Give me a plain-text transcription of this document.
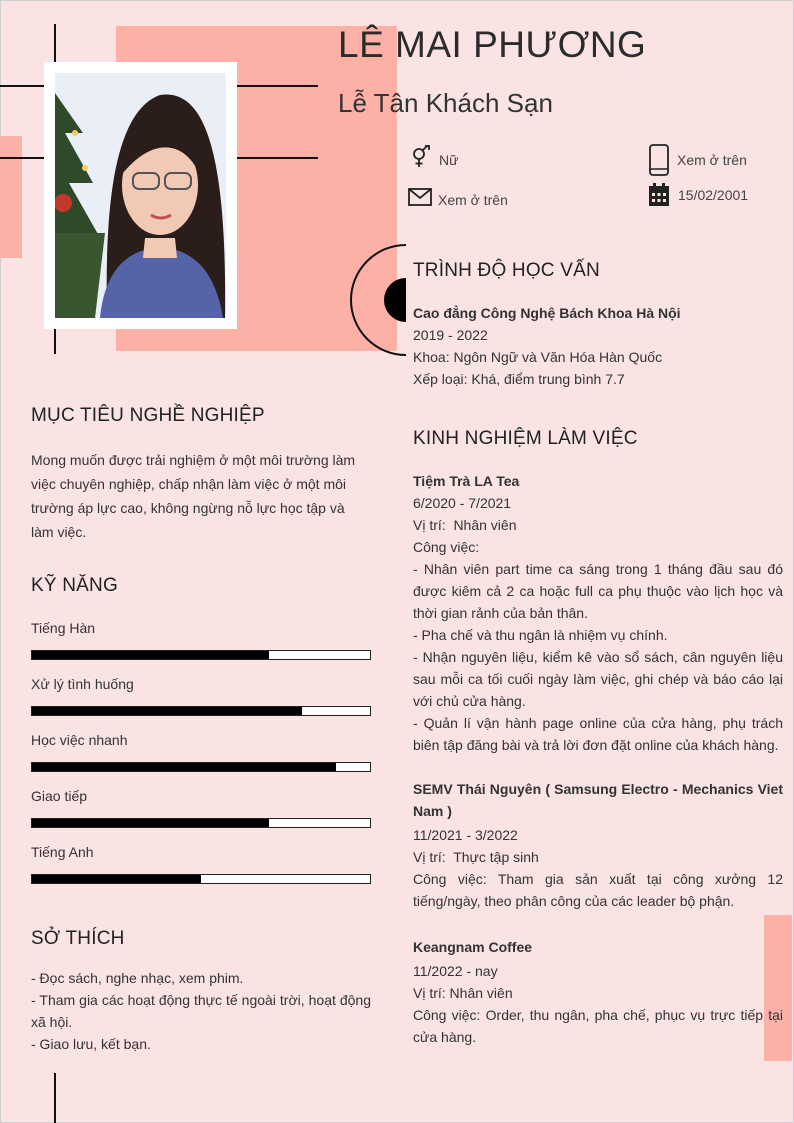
LÊ MAI PHƯƠNG
Lễ Tân Khách Sạn
Nữ	Xem ở trên
Xem ở trên	15/02/2001
TRÌNH ĐỘ HỌC VẤN
Cao đẳng Công Nghệ Bách Khoa Hà Nội
2019 - 2022
Khoa: Ngôn Ngữ và Văn Hóa Hàn Quốc
Xếp loại: Khá, điểm trung bình 7.7
KINH NGHIỆM LÀM VIỆC
Tiệm Trà LA Tea
6/2020 - 7/2021
Vị trí:  Nhân viên
Công việc:
- Nhân viên part time ca sáng trong 1 tháng đầu sau đó được kiêm cả 2 ca hoặc full ca phụ thuộc vào lịch học và thời gian rảnh của bản thân.
- Pha chế và thu ngân là nhiệm vụ chính.
- Nhận nguyên liệu, kiểm kê vào sổ sách, cân nguyên liệu sau mỗi ca tối cuối ngày làm việc, ghi chép và báo cáo lại với chủ cửa hàng.
- Quản lí vận hành page online của cửa hàng, phụ trách biên tập đăng bài và trả lời đơn đặt online của khách hàng.
SEMV Thái Nguyên ( Samsung Electro - Mechanics Viet Nam )
11/2021 - 3/2022
Vị trí:  Thực tập sinh
Công việc: Tham gia sản xuất tại công xưởng 12 tiếng/ngày, theo phân công của các leader bộ phận.
Keangnam Coffee
11/2022 - nay
Vị trí: Nhân viên
Công việc: Order, thu ngân, pha chế, phục vụ trực tiếp tại cửa hàng.
MỤC TIÊU NGHỀ NGHIỆP
Mong muốn được trải nghiệm ở một môi trường làm việc chuyên nghiệp, chấp nhận làm việc ở một môi trường áp lực cao, không ngừng nỗ lực học tập và làm việc.
KỸ NĂNG
Tiếng Hàn
Xử lý tình huống
Học việc nhanh
Giao tiếp
Tiếng Anh
SỞ THÍCH
- Đọc sách, nghe nhạc, xem phim.
- Tham gia các hoạt động thực tế ngoài trời, hoạt động xã hội.
- Giao lưu, kết bạn.
